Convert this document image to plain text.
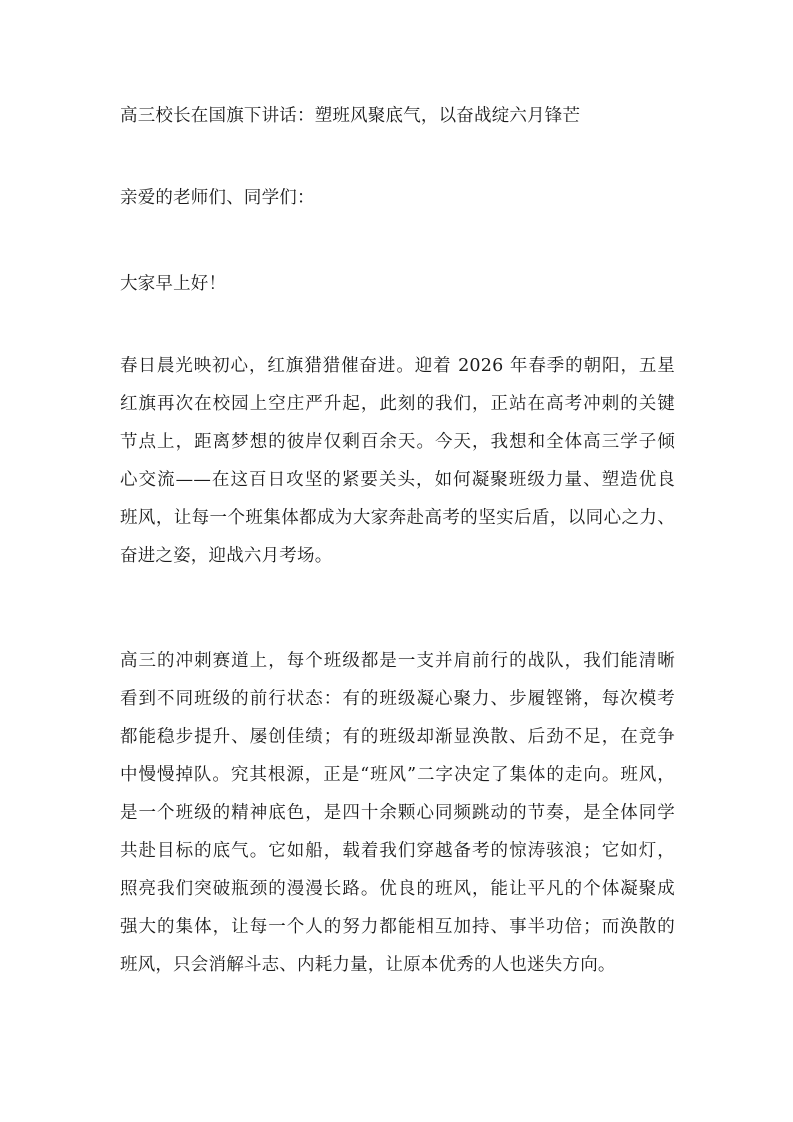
高三校长在国旗下讲话：塑班风聚底气，以奋战绽六月锋芒
亲爱的老师们、同学们：
大家早上好！
春日晨光映初心，红旗猎猎催奋进。迎着 2026 年春季的朝阳，五星
红旗再次在校园上空庄严升起，此刻的我们，正站在高考冲刺的关键
节点上，距离梦想的彼岸仅剩百余天。今天，我想和全体高三学子倾
心交流——在这百日攻坚的紧要关头，如何凝聚班级力量、塑造优良
班风，让每一个班集体都成为大家奔赴高考的坚实后盾，以同心之力、
奋进之姿，迎战六月考场。
高三的冲刺赛道上，每个班级都是一支并肩前行的战队，我们能清晰
看到不同班级的前行状态：有的班级凝心聚力、步履铿锵，每次模考
都能稳步提升、屡创佳绩；有的班级却渐显涣散、后劲不足，在竞争
中慢慢掉队。究其根源，正是“班风”二字决定了集体的走向。班风，
是一个班级的精神底色，是四十余颗心同频跳动的节奏，是全体同学
共赴目标的底气。它如船，载着我们穿越备考的惊涛骇浪；它如灯，
照亮我们突破瓶颈的漫漫长路。优良的班风，能让平凡的个体凝聚成
强大的集体，让每一个人的努力都能相互加持、事半功倍；而涣散的
班风，只会消解斗志、内耗力量，让原本优秀的人也迷失方向。
